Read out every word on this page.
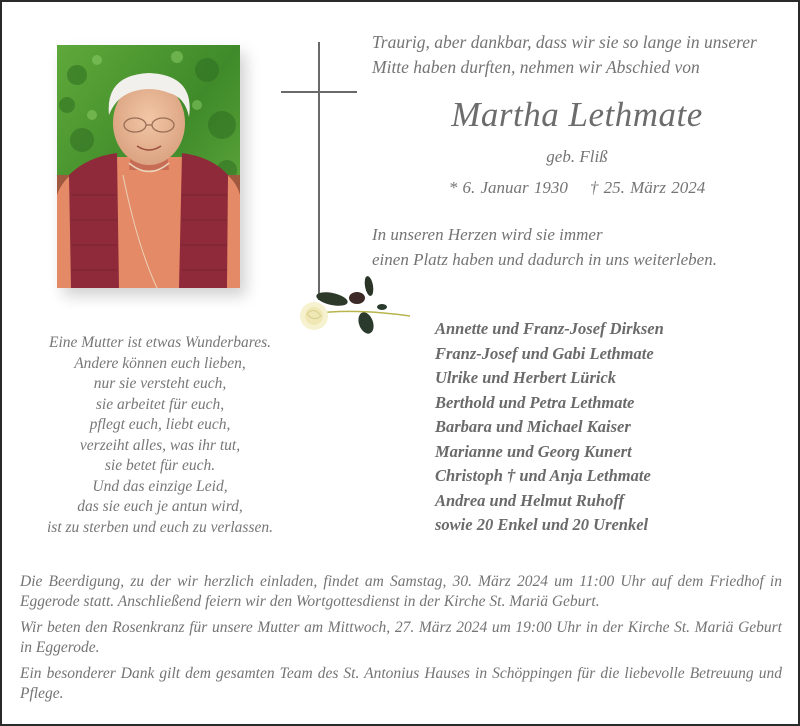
Traurig, aber dankbar, dass wir sie so lange in unserer
Mitte haben durften, nehmen wir Abschied von
Martha Lethmate
geb. Fliß
* 6. Januar 1930 † 25. März 2024
In unseren Herzen wird sie immer
einen Platz haben und dadurch in uns weiterleben.
Eine Mutter ist etwas Wunderbares.
Andere können euch lieben,
nur sie versteht euch,
sie arbeitet für euch,
pflegt euch, liebt euch,
verzeiht alles, was ihr tut,
sie betet für euch.
Und das einzige Leid,
das sie euch je antun wird,
ist zu sterben und euch zu verlassen.
Annette und Franz-Josef Dirksen
Franz-Josef und Gabi Lethmate
Ulrike und Herbert Lürick
Berthold und Petra Lethmate
Barbara und Michael Kaiser
Marianne und Georg Kunert
Christoph † und Anja Lethmate
Andrea und Helmut Ruhoff
sowie 20 Enkel und 20 Urenkel

Die Beerdigung, zu der wir herzlich einladen, findet am Samstag, 30. März 2024 um 11:00 Uhr auf dem Friedhof in Eggerode statt. Anschließend feiern wir den Wortgottesdienst in der Kirche St. Mariä Geburt.

Wir beten den Rosenkranz für unsere Mutter am Mittwoch, 27. März 2024 um 19:00 Uhr in der Kirche St. Mariä Geburt in Eggerode.

Ein besonderer Dank gilt dem gesamten Team des St. Antonius Hauses in Schöppingen für die liebevolle Betreuung und Pflege.
